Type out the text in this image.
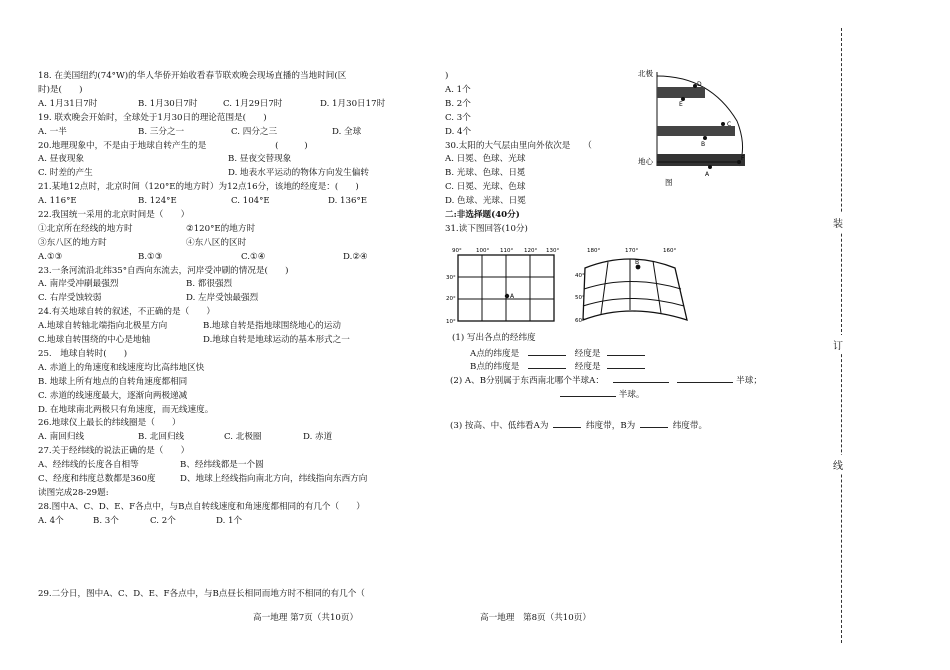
18. 在美国纽约(74°W)的华人华侨开始收看春节联欢晚会现场直播的当地时间(区
时)是(　　)
A. 1月31日7时	B. 1月30日7时	C. 1月29日7时	D. 1月30日17时
19. 联欢晚会开始时，全球处于1月30日的理论范围是(　　)
A. 一半	B. 三分之一	C. 四分之三	D. 全球
20.地理现象中，不是由于地球自转产生的是　　　　　　　　(　　　)
A. 昼夜现象	B. 昼夜交替现象
C. 时差的产生	D. 地表水平运动的物体方向发生偏转
21.某地12点时，北京时间（120°E的地方时）为12点16分，该地的经度是：(　　)
A. 116°E	B. 124°E	C. 104°E	D. 136°E
22.我国统一采用的北京时间是（　　）
①北京所在经线的地方时	②120°E的地方时
③东八区的地方时	④东八区的区时
A.①③	B.①③	C.①④	D.②④
23.一条河流沿北纬35°自西向东流去，河岸受冲刷的情况是(　　)
A. 南岸受冲刷最强烈	B. 都很强烈
C. 右岸受蚀较弱	D. 左岸受蚀最强烈
24.有关地球自转的叙述，不正确的是（　　）
A.地球自转轴北端指向北极星方向	B.地球自转是指地球围绕地心的运动
C.地球自转围绕的中心是地轴	D.地球自转是地球运动的基本形式之一
25.　地球自转时(　　)
A. 赤道上的角速度和线速度均比高纬地区快
B. 地球上所有地点的自转角速度都相同
C. 赤道的线速度最大，逐渐向两极递减
D. 在地球南北两极只有角速度，而无线速度。
26.地球仪上最长的纬线圈是（　　）
A. 南回归线	B. 北回归线	C. 北极圈	D. 赤道
27.关于经纬线的说法正确的是（　　）
A、经纬线的长度各自相等	B、经纬线都是一个圆
C、经度和纬度总数都是360度	D、地球上经线指向南北方向，纬线指向东西方向
读图完成28-29题:
28.图中A、C、D、E、F各点中，与B点自转线速度和角速度都相同的有几个（　　）
A. 4个	B. 3个	C. 2个	D. 1个
29.二分日，图中A、C、D、E、F各点中，与B点昼长相同而地方时不相同的有几个（
)
A. 1个
B. 2个
C. 3个
D. 4个
30.太阳的大气层由里向外依次是　　（
A. 日冕、色球、光球
B. 光球、色球、日冕
C. 日冕、光球、色球
D. 色球、光球、日冕
二:非选择题(40分)
31.读下图回答(10分)
(1) 写出各点的经纬度
A点的纬度是	经度是
B点的纬度是	经度是
(2) A、B分别属于东西南北哪个半球A：	半球；
半球。
(3) 按高、中、低纬看A为	纬度带，B为	纬度带。
北极
地心
D
E
C
B
A
F
图
A
90°	100° 110° 120° 130°
30°
20°
10°
B
180°	170°	160°
40°
50°
60°
高一地理 第7页（共10页）	高一地理　第8页（共10页）
装
订
线
